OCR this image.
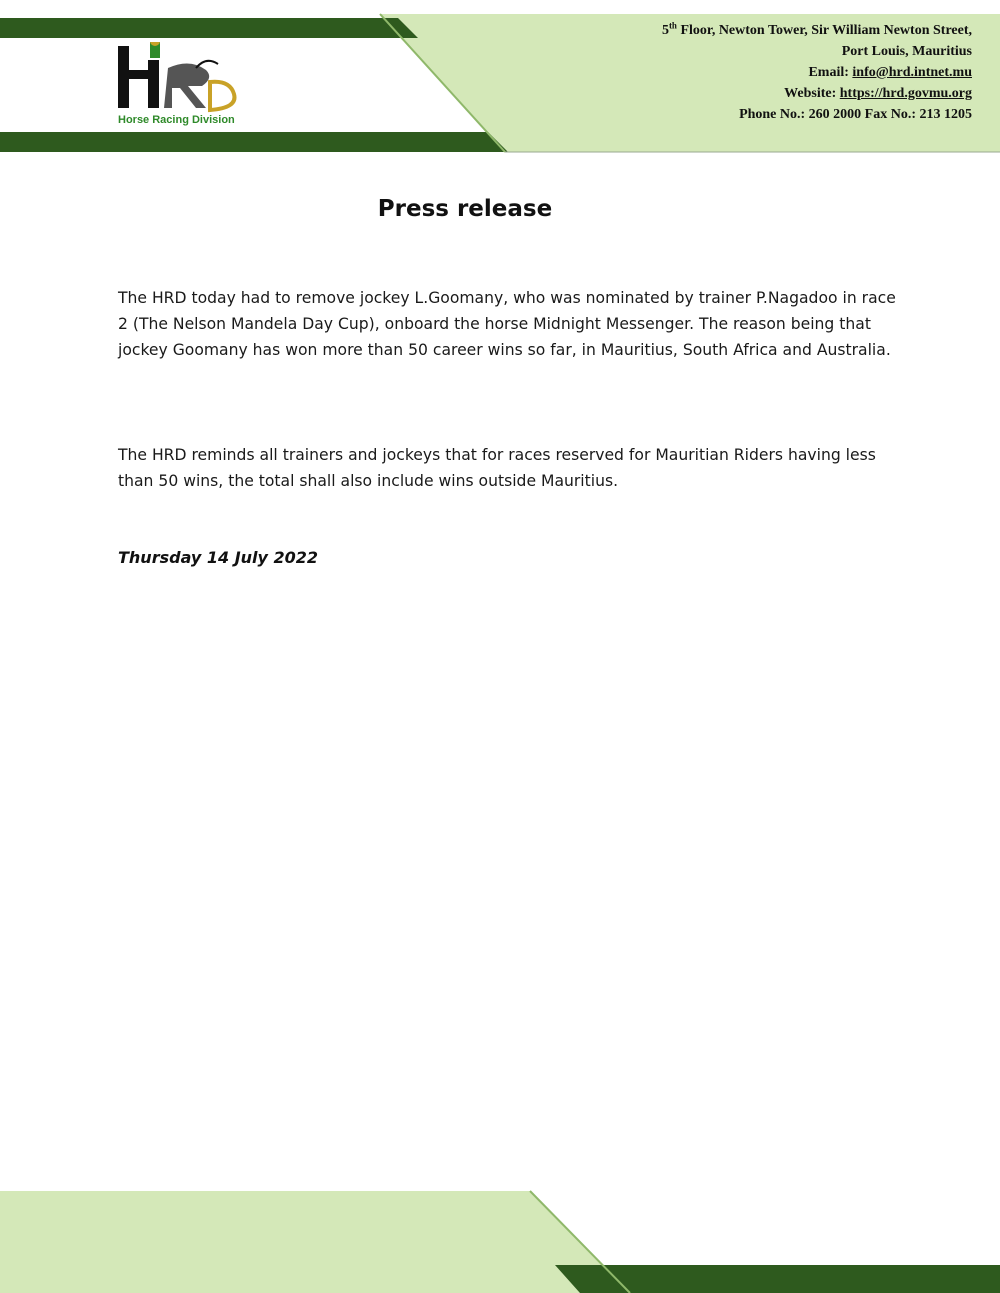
Horse Racing Division
5th Floor, Newton Tower, Sir William Newton Street,
Port Louis, Mauritius
Email: info@hrd.intnet.mu
Website: https://hrd.govmu.org
Phone No.: 260 2000 Fax No.: 213 1205
Press release
The HRD today had to remove jockey L.Goomany, who was nominated by trainer P.Nagadoo in race 2 (The Nelson Mandela Day Cup), onboard the horse Midnight Messenger. The reason being that jockey Goomany has won more than 50 career wins so far, in Mauritius, South Africa and Australia.
The HRD reminds all trainers and jockeys that for races reserved for Mauritian Riders having less than 50 wins, the total shall also include wins outside Mauritius.
Thursday 14 July 2022
